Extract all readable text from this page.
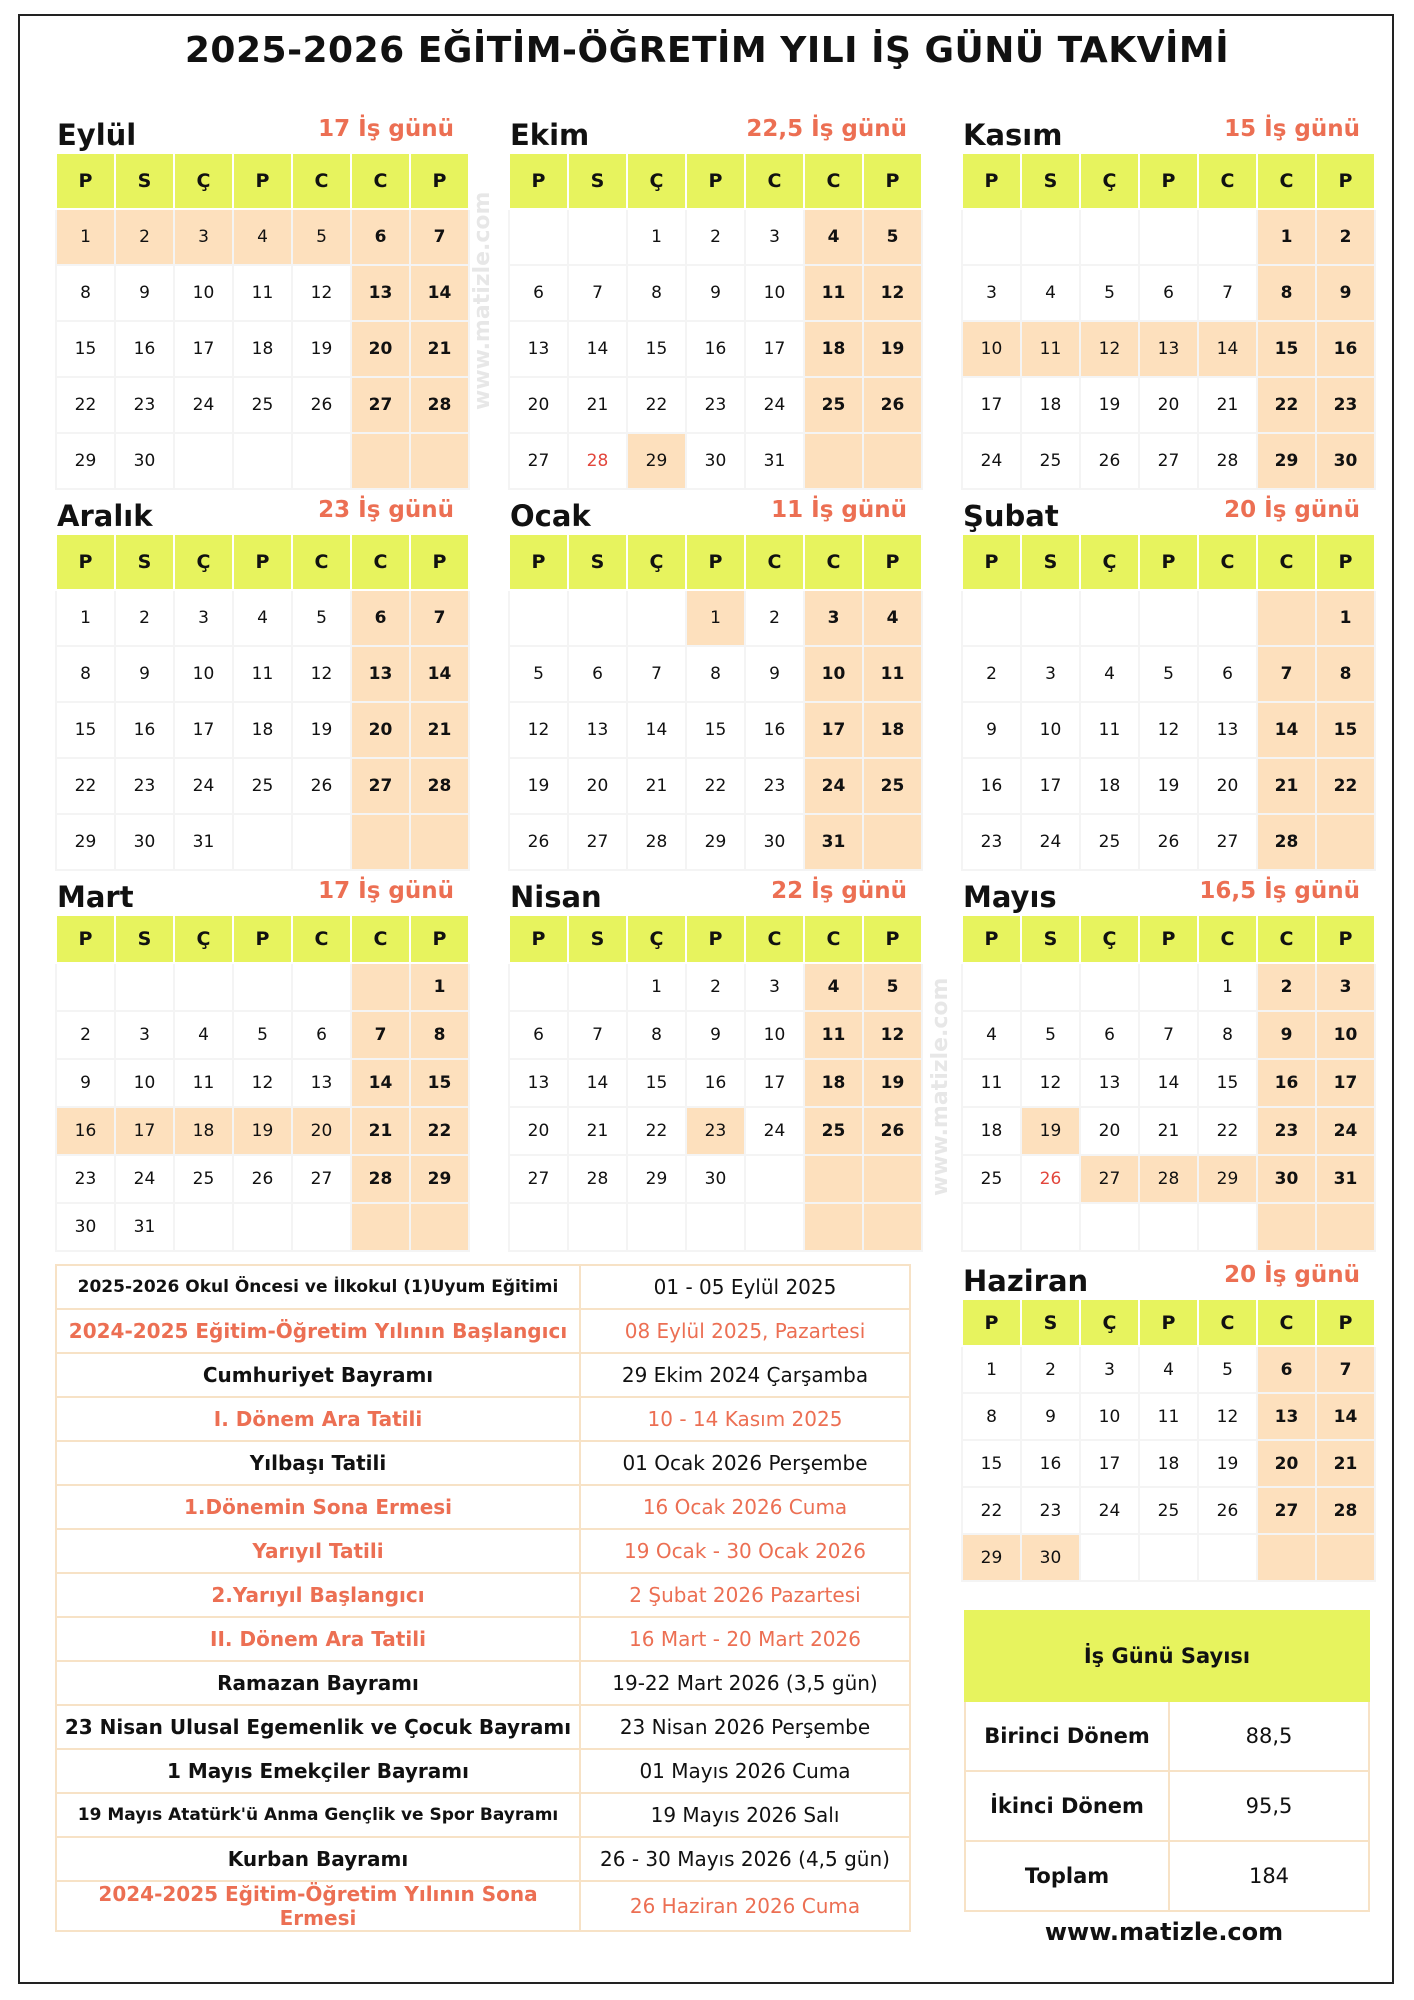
2025-2026 EĞİTİM-ÖĞRETİM YILI İŞ GÜNÜ TAKVİMİ
Eylül	17 İş günü
P	S	Ç	P	C	C	P
1	2	3	4	5	6	7
8	9	10	11	12	13	14
15	16	17	18	19	20	21
22	23	24	25	26	27	28
29	30					
Ekim	22,5 İş günü
P	S	Ç	P	C	C	P
		1	2	3	4	5
6	7	8	9	10	11	12
13	14	15	16	17	18	19
20	21	22	23	24	25	26
27	28	29	30	31		
Kasım	15 İş günü
P	S	Ç	P	C	C	P
					1	2
3	4	5	6	7	8	9
10	11	12	13	14	15	16
17	18	19	20	21	22	23
24	25	26	27	28	29	30
Aralık	23 İş günü
P	S	Ç	P	C	C	P
1	2	3	4	5	6	7
8	9	10	11	12	13	14
15	16	17	18	19	20	21
22	23	24	25	26	27	28
29	30	31				
Ocak	11 İş günü
P	S	Ç	P	C	C	P
			1	2	3	4
5	6	7	8	9	10	11
12	13	14	15	16	17	18
19	20	21	22	23	24	25
26	27	28	29	30	31	
Şubat	20 İş günü
P	S	Ç	P	C	C	P
						1
2	3	4	5	6	7	8
9	10	11	12	13	14	15
16	17	18	19	20	21	22
23	24	25	26	27	28	
Mart	17 İş günü
P	S	Ç	P	C	C	P
						1
2	3	4	5	6	7	8
9	10	11	12	13	14	15
16	17	18	19	20	21	22
23	24	25	26	27	28	29
30	31					
Nisan	22 İş günü
P	S	Ç	P	C	C	P
		1	2	3	4	5
6	7	8	9	10	11	12
13	14	15	16	17	18	19
20	21	22	23	24	25	26
27	28	29	30			

Mayıs	16,5 İş günü
P	S	Ç	P	C	C	P
				1	2	3
4	5	6	7	8	9	10
11	12	13	14	15	16	17
18	19	20	21	22	23	24
25	26	27	28	29	30	31

Haziran	20 İş günü
P	S	Ç	P	C	C	P
1	2	3	4	5	6	7
8	9	10	11	12	13	14
15	16	17	18	19	20	21
22	23	24	25	26	27	28
29	30					
www.matizle.com
www.matizle.com
2025-2026 Okul Öncesi ve İlkokul (1)Uyum Eğitimi	01 - 05 Eylül 2025
2024-2025 Eğitim-Öğretim Yılının Başlangıcı	08 Eylül 2025, Pazartesi
Cumhuriyet Bayramı	29 Ekim 2024 Çarşamba
I. Dönem Ara Tatili	10 - 14 Kasım 2025
Yılbaşı Tatili	01 Ocak 2026 Perşembe
1.Dönemin Sona Ermesi	16 Ocak 2026 Cuma
Yarıyıl Tatili	19 Ocak - 30 Ocak 2026
2.Yarıyıl Başlangıcı	2 Şubat 2026 Pazartesi
II. Dönem Ara Tatili	16 Mart - 20 Mart 2026
Ramazan Bayramı	19-22 Mart 2026 (3,5 gün)
23 Nisan Ulusal Egemenlik ve Çocuk Bayramı	23 Nisan 2026 Perşembe
1 Mayıs Emekçiler Bayramı	01 Mayıs 2026 Cuma
19 Mayıs Atatürk'ü Anma Gençlik ve Spor Bayramı	19 Mayıs 2026 Salı
Kurban Bayramı	26 - 30 Mayıs 2026 (4,5 gün)
2024-2025 Eğitim-Öğretim Yılının Sona Ermesi	26 Haziran 2026 Cuma
İş Günü Sayısı	
Birinci Dönem	88,5
İkinci Dönem	95,5
Toplam	184
www.matizle.com
